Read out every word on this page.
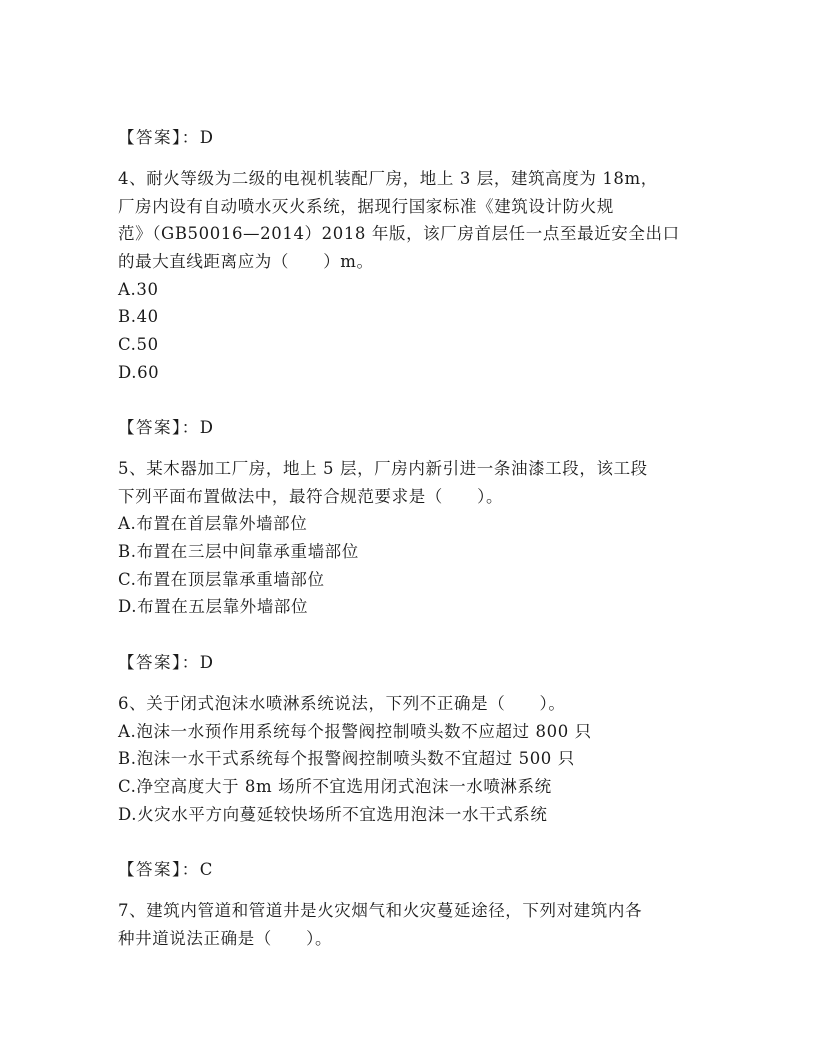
【答案】：D
4、耐火等级为二级的电视机装配厂房，地上 3 层，建筑高度为 18m，
厂房内设有自动喷水灭火系统，据现行国家标准《建筑设计防火规
范》（GB50016—2014）2018 年版，该厂房首层任一点至最近安全出口
的最大直线距离应为（　　）m。
A.30
B.40
C.50
D.60
【答案】：D
5、某木器加工厂房，地上 5 层，厂房内新引进一条油漆工段，该工段
下列平面布置做法中，最符合规范要求是（　　）。
A.布置在首层靠外墙部位
B.布置在三层中间靠承重墙部位
C.布置在顶层靠承重墙部位
D.布置在五层靠外墙部位
【答案】：D
6、关于闭式泡沫水喷淋系统说法，下列不正确是（　　）。
A.泡沫一水预作用系统每个报警阀控制喷头数不应超过 800 只
B.泡沫一水干式系统每个报警阀控制喷头数不宜超过 500 只
C.净空高度大于 8m 场所不宜选用闭式泡沫一水喷淋系统
D.火灾水平方向蔓延较快场所不宜选用泡沫一水干式系统
【答案】：C
7、建筑内管道和管道井是火灾烟气和火灾蔓延途径，下列对建筑内各
种井道说法正确是（　　）。
